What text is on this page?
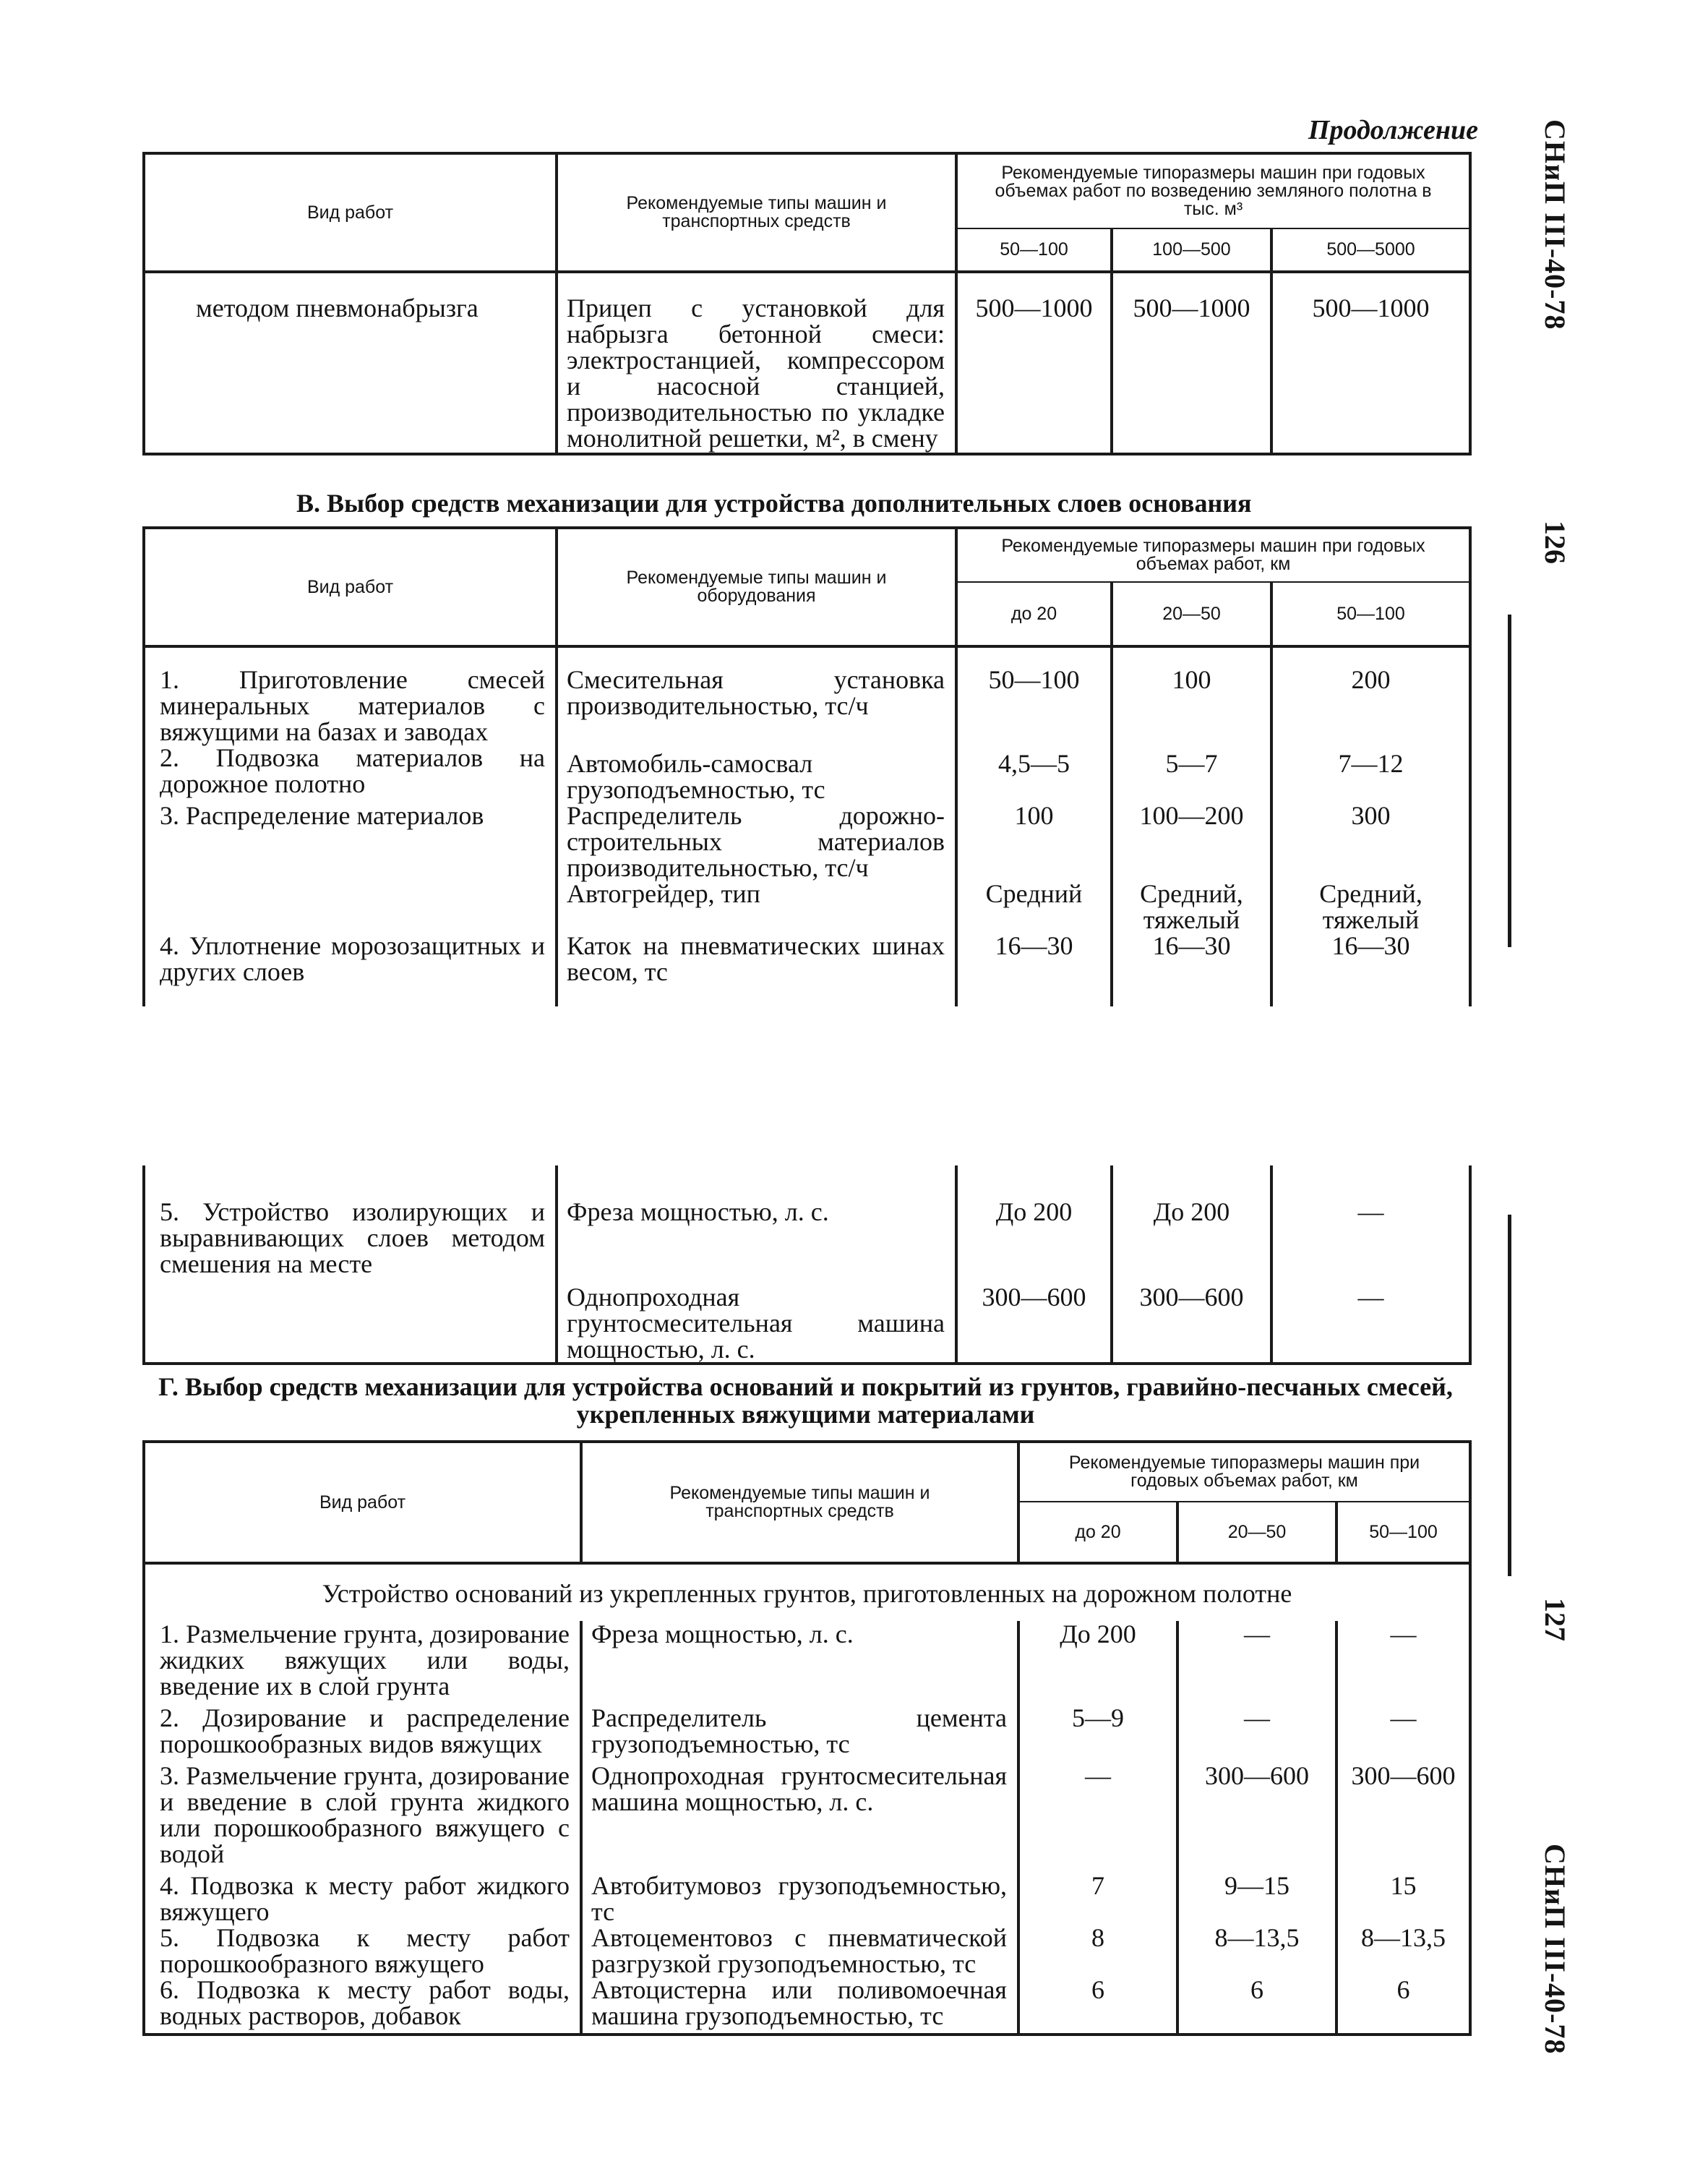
Продолжение	СНиП III-40-78
126
127
СНиП III-40-78
Вид работ	Рекомендуемые типы машин и транспортных средств	Рекомендуемые типоразмеры машин при годовых объемах работ по возведению земляного полотна в тыс. м³		
		50—100	100—500	500—5000
методом пневмонабрызга	Прицеп с установкой для набрызга бетонной смеси: электростанцией, компрессором и насосной станцией, производительностью по укладке монолитной решетки, м², в смену	500—1000	500—1000	500—1000
В. Выбор средств механизации для устройства дополнительных слоев основания
Вид работ	Рекомендуемые типы машин и оборудования	Рекомендуемые типоразмеры машин при годовых объемах работ, км		
		до 20	20—50	50—100
1. Приготовление смесей минеральных материалов с вяжущими на базах и заводах	Смесительная установка производительностью, тс/ч	50—100	100	200
2. Подвозка материалов на дорожное полотно	Автомобиль-самосвал грузоподъемностью, тс	4,5—5	5—7	7—12
3. Распределение материалов	Распределитель дорожно-строительных материалов производительностью, тс/ч	100	100—200	300
	Автогрейдер, тип	Средний	Средний, тяжелый	Средний, тяжелый
4. Уплотнение морозозащитных и других слоев	Каток на пневматических шинах весом, тс	16—30	16—30	16—30
5. Устройство изолирующих и выравнивающих слоев методом смешения на месте	Фреза мощностью, л. с.	До 200	До 200	—
	Однопроходная грунтосмесительная машина мощностью, л. с.	300—600	300—600	—
Г. Выбор средств механизации для устройства оснований и покрытий из грунтов, гравийно-песчаных смесей, укрепленных вяжущими материалами
Вид работ	Рекомендуемые типы машин и транспортных средств	Рекомендуемые типоразмеры машин при годовых объемах работ, км		
		до 20	20—50	50—100
Устройство оснований из укрепленных грунтов, приготовленных на дорожном полотне				
1. Размельчение грунта, дозирование жидких вяжущих или воды, введение их в слой грунта	Фреза мощностью, л. с.	До 200	—	—
2. Дозирование и распределение порошкообразных видов вяжущих	Распределитель цемента грузоподъемностью, тс	5—9	—	—
3. Размельчение грунта, дозирование и введение в слой грунта жидкого или порошкообразного вяжущего с водой	Однопроходная грунтосмесительная машина мощностью, л. с.	—	300—600	300—600
4. Подвозка к месту работ жидкого вяжущего	Автобитумовоз грузоподъемностью, тс	7	9—15	15
5. Подвозка к месту работ порошкообразного вяжущего	Автоцементовоз с пневматической разгрузкой грузоподъемностью, тс	8	8—13,5	8—13,5
6. Подвозка к месту работ воды, водных растворов, добавок	Автоцистерна или поливомоечная машина грузоподъемностью, тс	6	6	6
